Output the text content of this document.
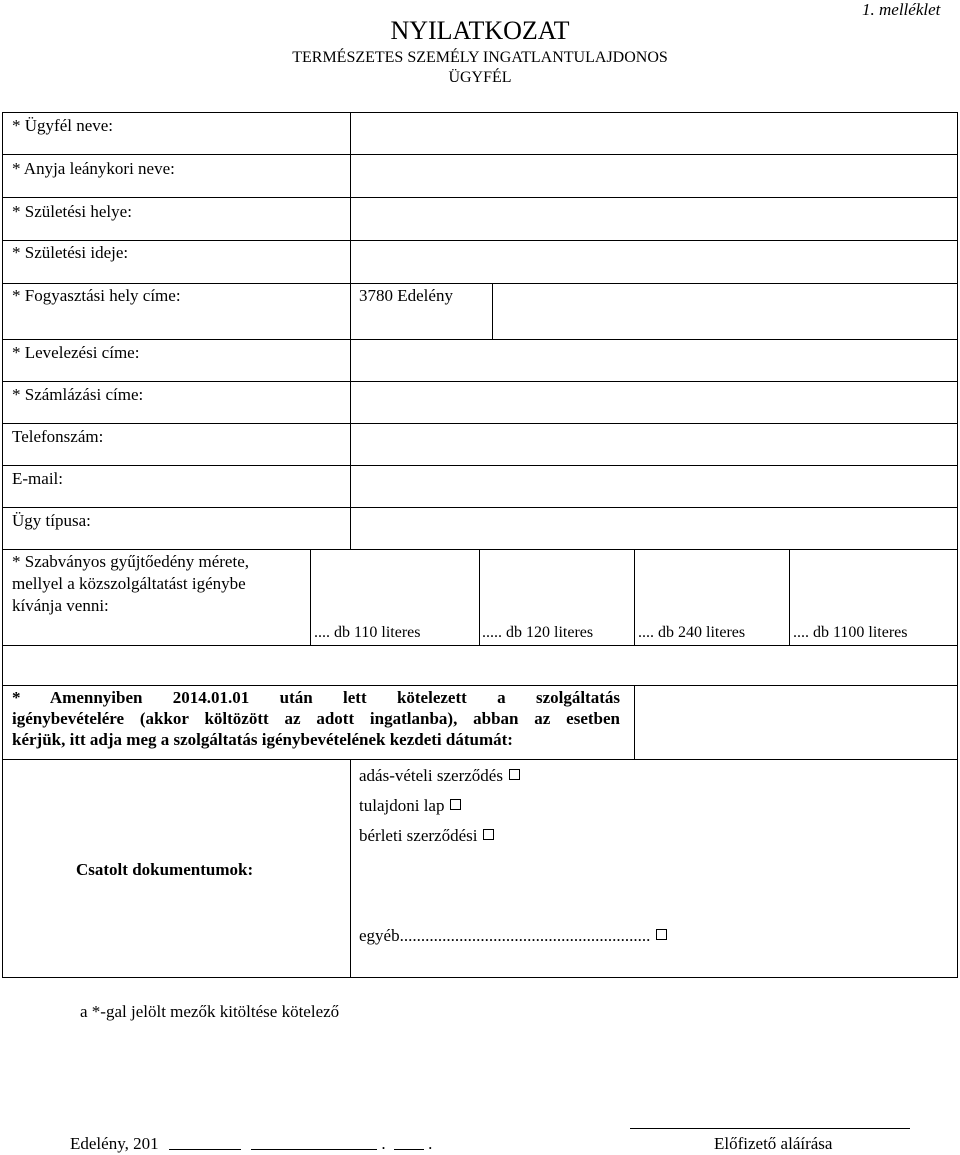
1. melléklet
NYILATKOZAT
TERMÉSZETES SZEMÉLY INGATLANTULAJDONOS
ÜGYFÉL
* Ügyfél neve:
* Anyja leánykori neve:
* Születési helye:
* Születési ideje:
* Fogyasztási hely címe:	3780 Edelény
* Levelezési címe:
* Számlázási címe:
Telefonszám:
E-mail:
Ügy típusa:
* Szabványos gyűjtőedény mérete,
mellyel a közszolgáltatást igénybe
kívánja venni:
.... db 110 literes	..... db 120 literes	.... db 240 literes	.... db 1100 literes
* Amennyiben 2014.01.01 után lett kötelezett a szolgáltatás
igénybevételére (akkor költözött az adott ingatlanba), abban az esetben
kérjük, itt adja meg a szolgáltatás igénybevételének kezdeti dátumát:
Csatolt dokumentumok:
adás-vételi szerződés
tulajdoni lap
bérleti szerződési
egyéb...........................................................
a *-gal jelölt mezők kitöltése kötelező
Edelény, 201	.	.	Előfizető aláírása
